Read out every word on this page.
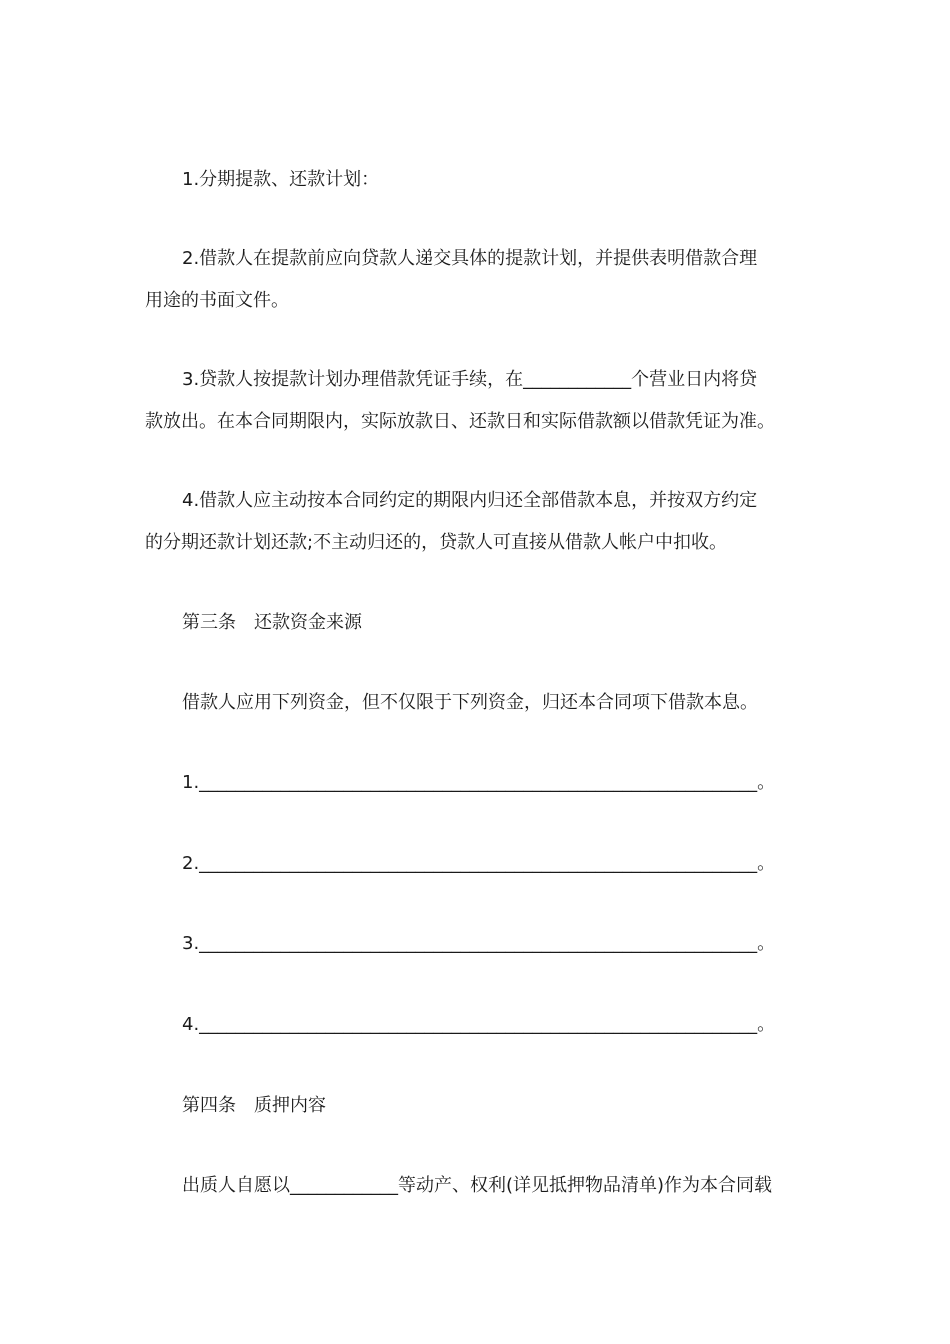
1.分期提款、还款计划：

2.借款人在提款前应向贷款人递交具体的提款计划，并提供表明借款合理

用途的书面文件。

3.贷款人按提款计划办理借款凭证手续，在____________个营业日内将贷

款放出。在本合同期限内，实际放款日、还款日和实际借款额以借款凭证为准。

4.借款人应主动按本合同约定的期限内归还全部借款本息，并按双方约定

的分期还款计划还款;不主动归还的，贷款人可直接从借款人帐户中扣收。

第三条　还款资金来源

借款人应用下列资金，但不仅限于下列资金，归还本合同项下借款本息。

1.______________________________________________________________。

2.______________________________________________________________。

3.______________________________________________________________。

4.______________________________________________________________。

第四条　质押内容

出质人自愿以____________等动产、权利(详见抵押物品清单)作为本合同载
